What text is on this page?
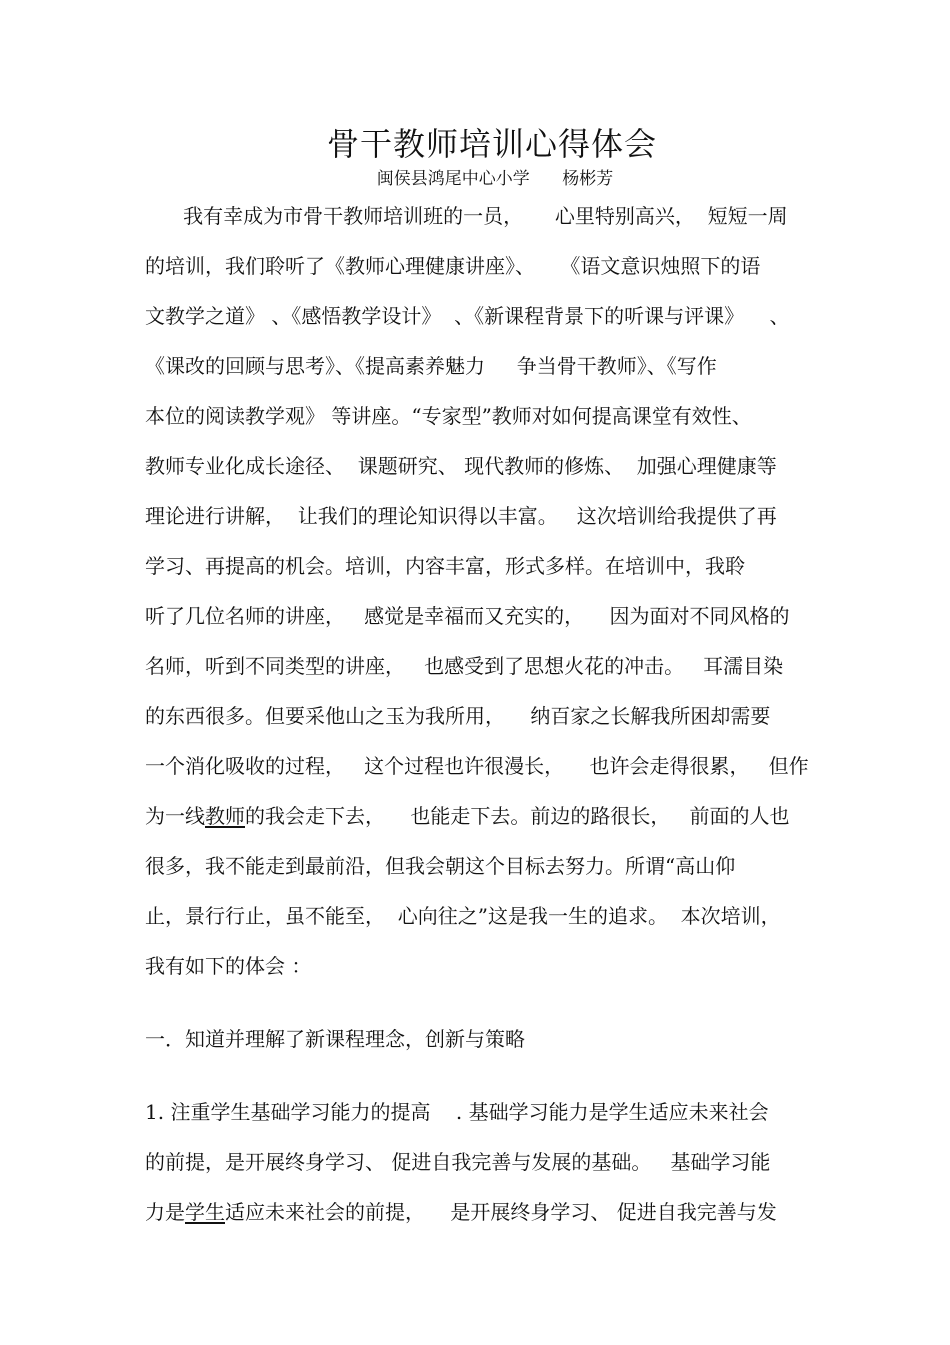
骨干教师培训心得体会
闽侯县鸿尾中心小学      杨彬芳
我有幸成为市骨干教师培训班的一员，     心里特别高兴，  短短一周
的培训，我们聆听了《教师心理健康讲座》、    《语文意识烛照下的语
文教学之道》 、《感悟教学设计》  、《新课程背景下的听课与评课》    、
《课改的回顾与思考》、《提高素养魅力     争当骨干教师》、《写作
本位的阅读教学观》 等讲座。“专家型”教师对如何提高课堂有效性、
教师专业化成长途径、  课题研究、 现代教师的修炼、  加强心理健康等
理论进行讲解，  让我们的理论知识得以丰富。   这次培训给我提供了再
学习、再提高的机会。培训，内容丰富，形式多样。在培训中，我聆
听了几位名师的讲座，   感觉是幸福而又充实的，    因为面对不同风格的
名师，听到不同类型的讲座，   也感受到了思想火花的冲击。   耳濡目染
的东西很多。但要采他山之玉为我所用，    纳百家之长解我所困却需要
一个消化吸收的过程，   这个过程也许很漫长，    也许会走得很累，   但作
为一线教师的我会走下去，    也能走下去。前边的路很长，   前面的人也
很多，我不能走到最前沿，但我会朝这个目标去努力。所谓“高山仰
止，景行行止，虽不能至，  心向往之”这是我一生的追求。  本次培训，
我有如下的体会 ：
一．知道并理解了新课程理念，创新与策略
1. 注重学生基础学习能力的提高    . 基础学习能力是学生适应未来社会
的前提，是开展终身学习、 促进自我完善与发展的基础。   基础学习能
力是学生适应未来社会的前提，    是开展终身学习、 促进自我完善与发
